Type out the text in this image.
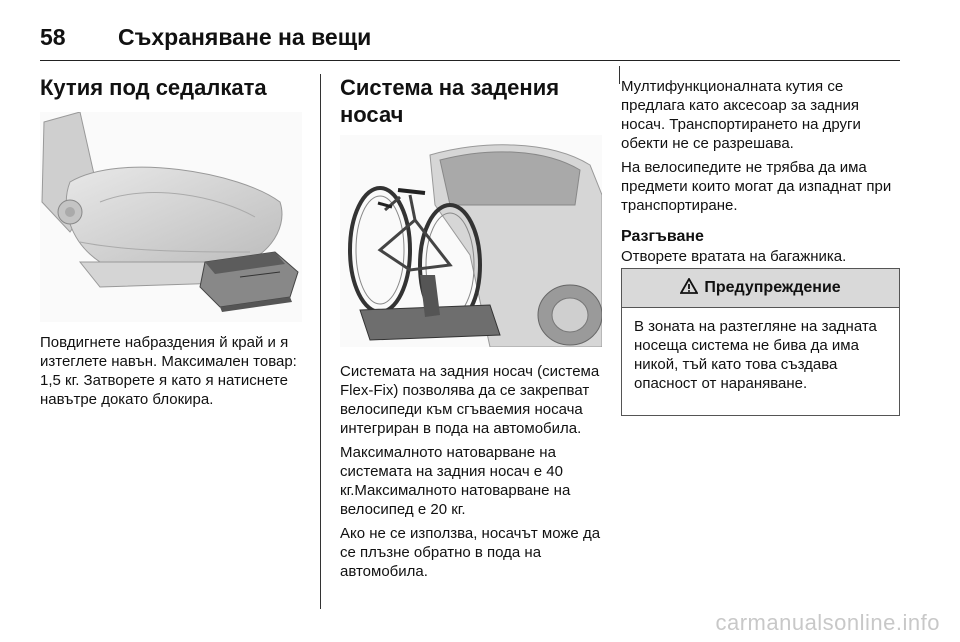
58 Съхраняване на вещи
Кутия под седалката

Повдигнете набраздения й край и я изтеглете навън. Максимален товар: 1,5 кг. Затворете я като я натиснете навътре докато блокира.

Система на задения носач

Системата на задния носач (система Flex-Fix) позволява да се закрепват велосипеди към сгъваемия носача интегриран в пода на автомобила.

Максималното натоварване на системата на задния носач е 40 кг.Максималното натоварване на велосипед е 20 кг.

Ако не се използва, носачът може да се плъзне обратно в пода на автомобила.

Мултифункционалната кутия се предлага като аксесоар за задния носач. Транспортирането на други обекти не се разрешава.

На велосипедите не трябва да има предмети които могат да изпаднат при транспортиране.

Разгъване

Отворете вратата на багажника.

Предупреждение
В зоната на разтегляне на задната носеща система не бива да има никой, тъй като това създава опасност от нараняване.
carmanualsonline.info
